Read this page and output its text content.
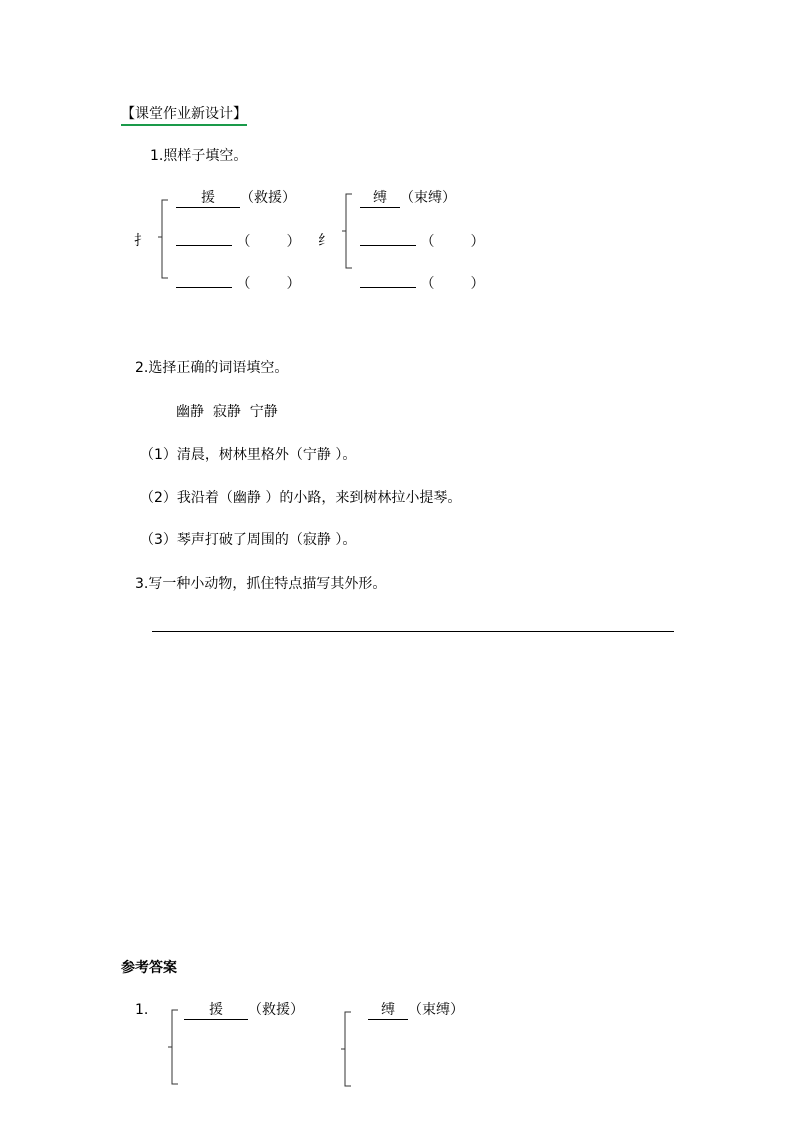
【课堂作业新设计】
1.照样子填空。
扌
援 （救援）
（	）
（	）
纟
缚 （束缚）
（	）
（	）
2.选择正确的词语填空。
幽静  寂静  宁静
（1）清晨，树林里格外（宁静 ）。
（2）我沿着（幽静 ）的小路，来到树林拉小提琴。
（3）琴声打破了周围的（寂静 ）。
3.写一种小动物，抓住特点描写其外形。
参考答案
1.	援 （救援）	缚 （束缚）
